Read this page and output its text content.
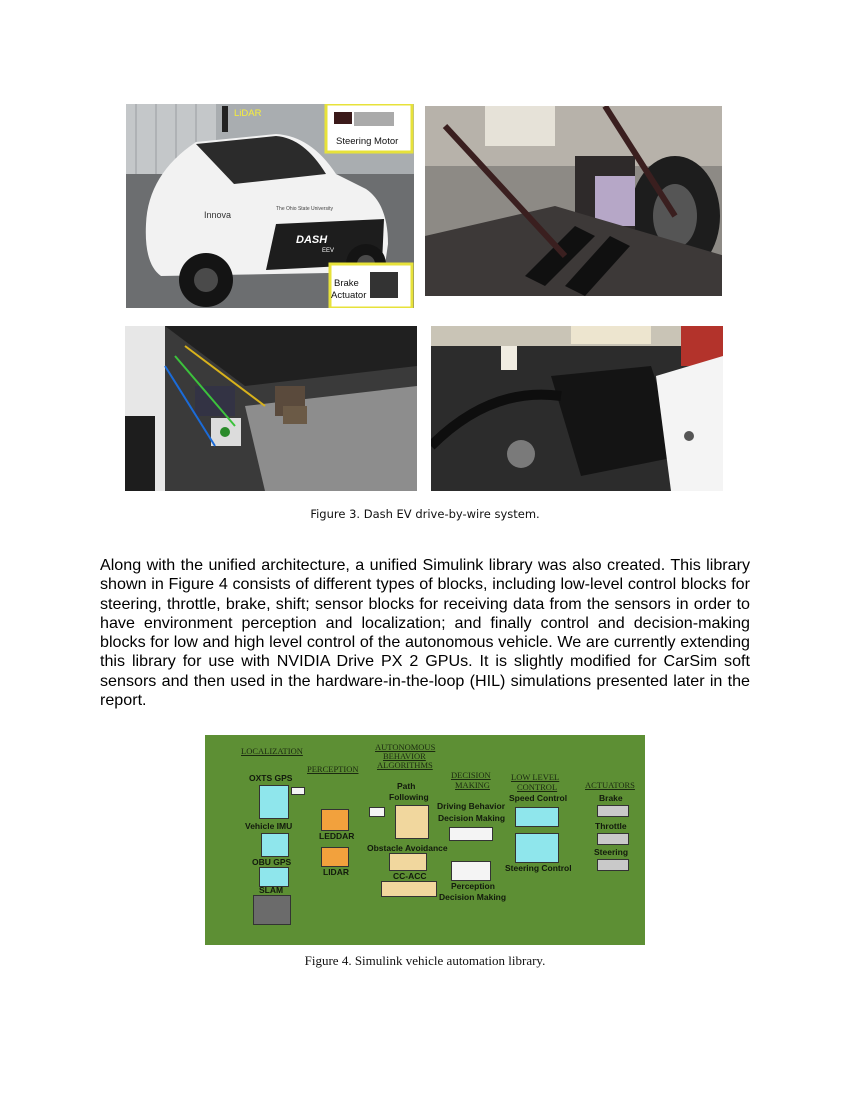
LiDAR
Steering Motor
Brake
Actuator
Innova
The Ohio State University
DASH
EEV
Figure 3. Dash EV drive-by-wire system.

Along with the unified architecture, a unified Simulink library was also created. This library shown in Figure 4 consists of different types of blocks, including low-level control blocks for steering, throttle, brake, shift; sensor blocks for receiving data from the sensors in order to have environment perception and localization; and finally control and decision-making blocks for low and high level control of the autonomous vehicle. We are currently extending this library for use with NVIDIA Drive PX 2 GPUs. It is slightly modified for CarSim soft sensors and then used in the hardware-in-the-loop (HIL) simulations presented later in the report.

LOCALIZATION
PERCEPTION
AUTONOMOUS
BEHAVIOR
ALGORITHMS
DECISION
MAKING
LOW LEVEL
CONTROL	ACTUATORS
OXTS GPS
Vehicle IMU
OBU GPS
SLAM
LEDDAR
LIDAR
Path
Following
Obstacle Avoidance
CC-ACC
Driving Behavior
Decision Making
Perception
Decision Making
Speed Control
Steering Control
Brake
Throttle
Steering
Figure 4. Simulink vehicle automation library.
